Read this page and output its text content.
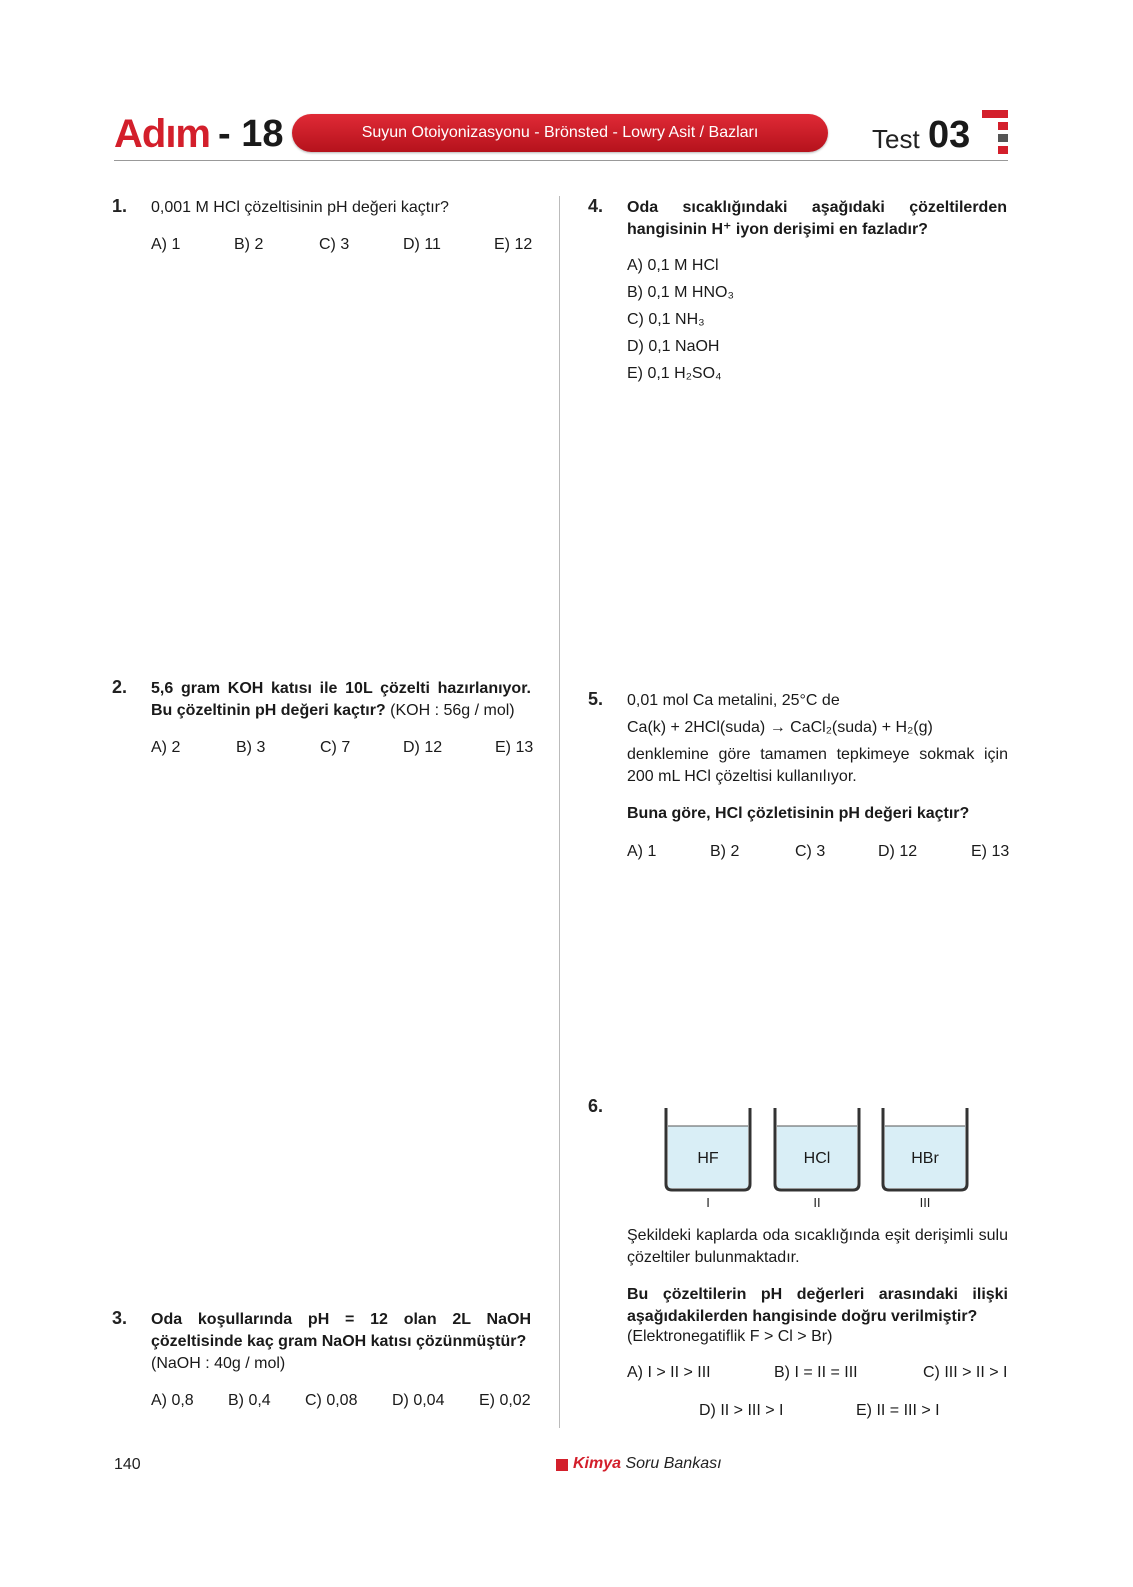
Adım - 18	Suyun Otoiyonizasyonu - Brönsted - Lowry Asit / Bazları	Test 03
1. 0,001 M HCl çözeltisinin pH değeri kaçtır?
A) 1	B) 2	C) 3	D) 11	E) 12
2. 5,6 gram KOH katısı ile 10L çözelti hazırlanıyor. Bu çözeltinin pH değeri kaçtır? (KOH : 56g / mol)
A) 2	B) 3	C) 7	D) 12	E) 13
3. Oda koşullarında pH = 12 olan 2L NaOH çözeltisinde kaç gram NaOH katısı çözünmüştür?
(NaOH : 40g / mol)
A) 0,8 B) 0,4 C) 0,08 D) 0,04 E) 0,02
4. Oda sıcaklığındaki aşağıdaki çözeltilerden hangisinin H⁺ iyon derişimi en fazladır?
A) 0,1 M HCl
B) 0,1 M HNO₃
C) 0,1 NH₃
D) 0,1 NaOH
E) 0,1 H₂SO₄
5. 0,01 mol Ca metalini, 25°C de
Ca(k) + 2HCl(suda) → CaCl₂(suda) + H₂(g)
denklemine göre tamamen tepkimeye sokmak için 200 mL HCl çözeltisi kullanılıyor.
Buna göre, HCl çözletisinin pH değeri kaçtır?
A) 1	B) 2	C) 3	D) 12	E) 13
6.
HF
I
HCl
II
HBr
III
Şekildeki kaplarda oda sıcaklığında eşit derişimli sulu çözeltiler bulunmaktadır.
Bu çözeltilerin pH değerleri arasındaki ilişki aşağıdakilerden hangisinde doğru verilmiştir?
(Elektronegatiflik F > Cl > Br)
A) I > II > III	B) I = II = III	C) III > II > I
D) II > III > I	E) II = III > I
140	Kimya Soru Bankası
